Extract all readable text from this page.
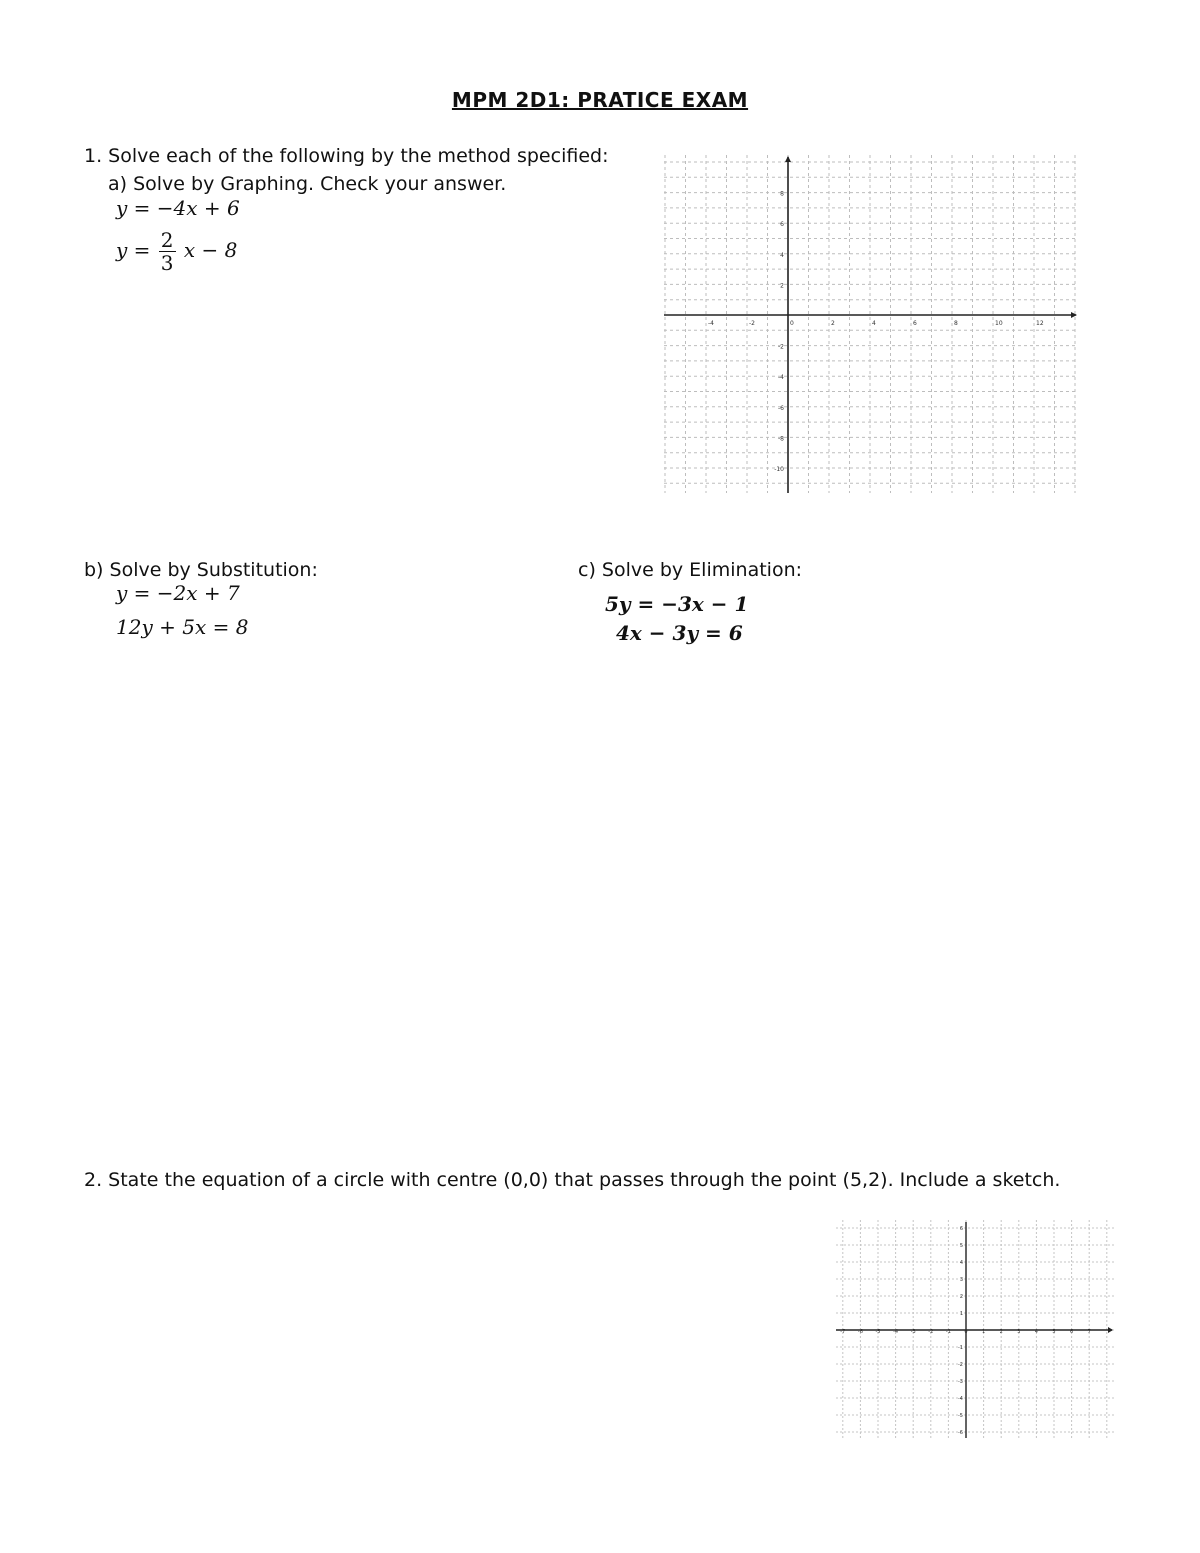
MPM 2D1: PRATICE EXAM
1. Solve each of the following by the method specified:
a) Solve by Graphing. Check your answer.
y = −4x + 6
$y = \frac{2}{3}$ x − 8
-4	-2	0	2	4	6	8	10	12
8
6
4
2
-2
-4
-6
-8
-10
b) Solve by Substitution:
y = −2x + 7
12y + 5x = 8
c) Solve by Elimination:
5y = −3x − 1
4x − 3y = 6
2. State the equation of a circle with centre (0,0) that passes through the point (5,2). Include a sketch.
-7	-6	-5	-4	-3	-2	-1	0	1	2	3	4	5	6	7
6
5
4
3
2
1
-1
-2
-3
-4
-5
-6
